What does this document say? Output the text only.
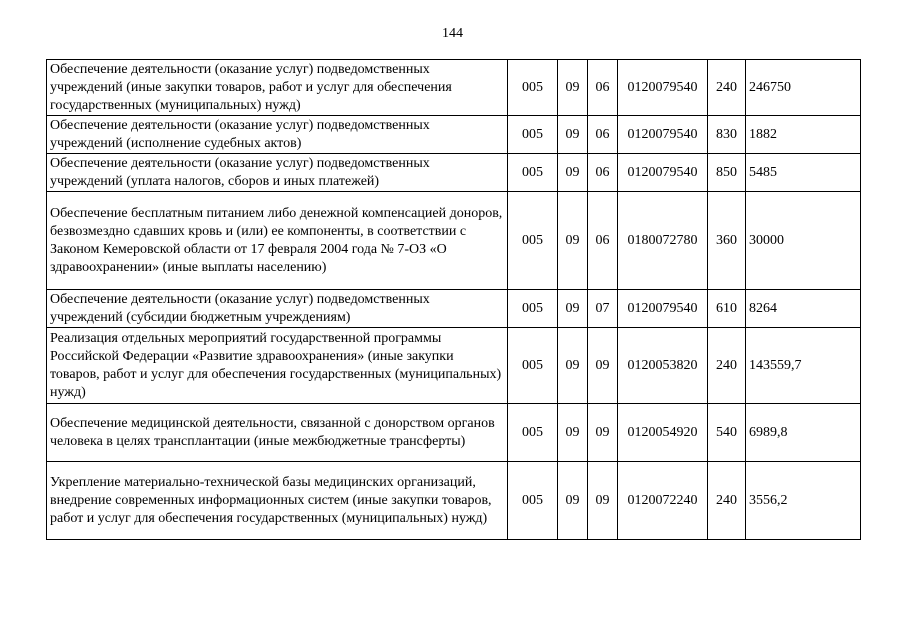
144
Обеспечение деятельности (оказание услуг) подведомственных учреждений (иные закупки товаров, работ и услуг для обеспечения государственных (муниципальных) нужд)	005	09	06	0120079540	240	246750
Обеспечение деятельности (оказание услуг) подведомственных учреждений (исполнение судебных актов)	005	09	06	0120079540	830	1882
Обеспечение деятельности (оказание услуг) подведомственных учреждений (уплата налогов, сборов и иных платежей)	005	09	06	0120079540	850	5485
Обеспечение бесплатным питанием либо денежной компенсацией доноров, безвозмездно сдавших кровь и (или) ее компоненты, в соответствии с Законом Кемеровской области от 17 февраля 2004 года № 7-ОЗ «О здравоохранении» (иные выплаты населению)	005	09	06	0180072780	360	30000
Обеспечение деятельности (оказание услуг) подведомственных учреждений (субсидии бюджетным учреждениям)	005	09	07	0120079540	610	8264
Реализация отдельных мероприятий государственной программы Российской Федерации «Развитие здравоохранения» (иные закупки товаров, работ и услуг для обеспечения государственных (муниципальных) нужд)	005	09	09	0120053820	240	143559,7
Обеспечение медицинской деятельности, связанной с донорством органов человека в целях трансплантации (иные межбюджетные трансферты)	005	09	09	0120054920	540	6989,8
Укрепление материально-технической базы медицинских организаций, внедрение современных информационных систем (иные закупки товаров, работ и услуг для обеспечения государственных (муниципальных) нужд)	005	09	09	0120072240	240	3556,2
